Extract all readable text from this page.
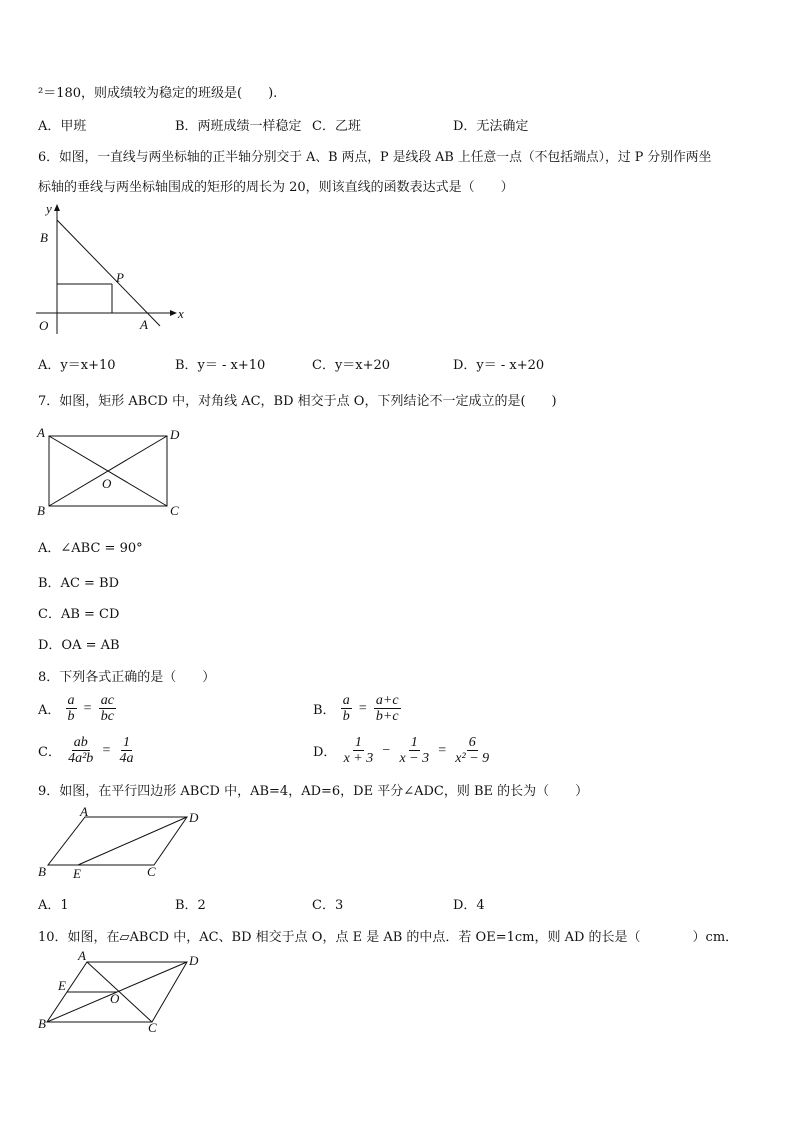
²＝180，则成绩较为稳定的班级是(　　).
A．甲班	B．两班成绩一样稳定 C．乙班	D．无法确定
6．如图，一直线与两坐标轴的正半轴分别交于 A、B 两点，P 是线段 AB 上任意一点（不包括端点），过 P 分别作两坐
标轴的垂线与两坐标轴围成的矩形的周长为 20，则该直线的函数表达式是（　　）
y
x
B
P
O	A
A．y＝x+10	B．y＝ - x+10	C．y＝x+20	D．y＝ - x+20
7．如图，矩形 ABCD 中，对角线 AC，BD 相交于点 O，下列结论不一定成立的是(　　)
A	D
B	C
O
A．∠ABC = 90°
B．AC = BD
C．AB = CD
D．OA = AB
8．下列各式正确的是（　　）
A． $\frac{a}{b} = \frac{ac}{bc}$	B． $\frac{a}{b} = \frac{a+c}{b+c}$
C． $\frac{ab}{\text{4a²b}} = \frac{1}{4a}$	D． $\frac{1}{x + 3} - \frac{1}{x - 3} = \frac{6}{\text{x² − 9}}$
9．如图，在平行四边形 ABCD 中，AB=4，AD=6，DE 平分∠ADC，则 BE 的长为（　　）
A	D
B E	C
A．1	B．2	C．3	D．4
10．如图，在▱ABCD 中，AC、BD 相交于点 O，点 E 是 AB 的中点．若 OE=1cm，则 AD 的长是（　　　　）cm．
A	D
E
O
B	C
